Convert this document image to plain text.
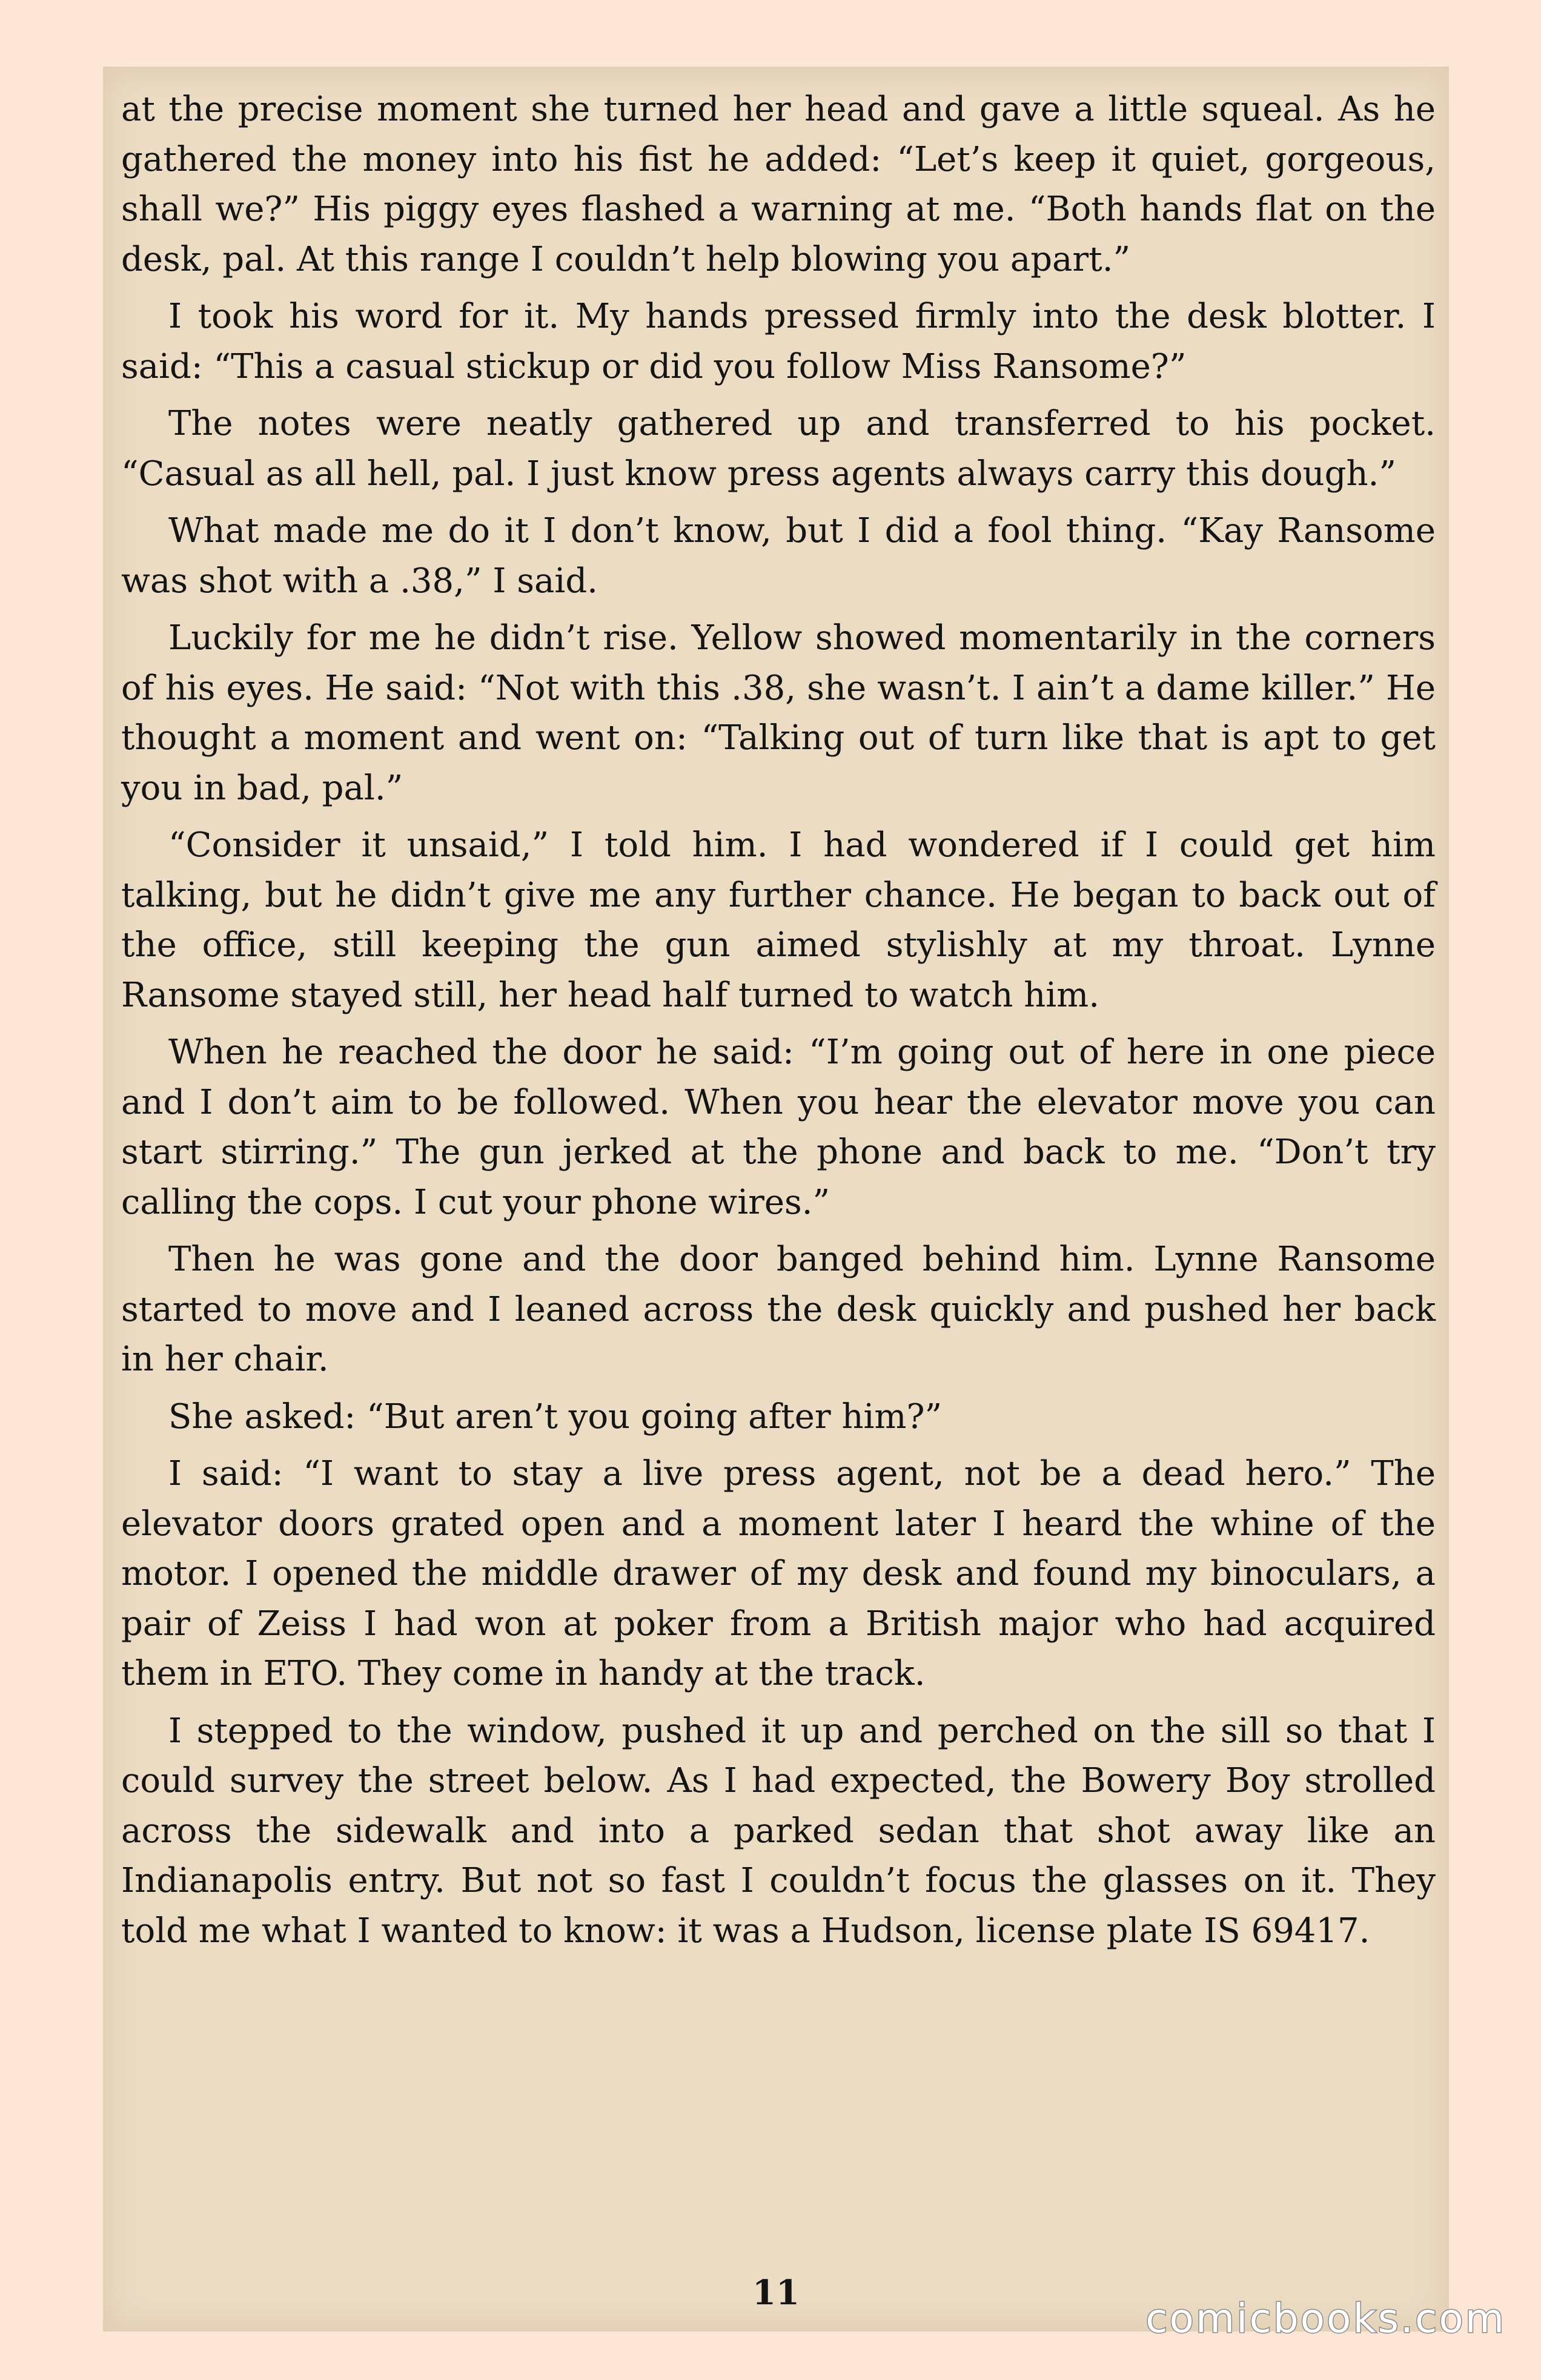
at the precise moment she turned her head and gave a little squeal. As he gathered the money into his fist he added: “Let’s keep it quiet, gorgeous, shall we?” His piggy eyes flashed a warning at me. “Both hands flat on the desk, pal. At this range I couldn’t help blowing you apart.”

I took his word for it. My hands pressed firmly into the desk blotter. I said: “This a casual stickup or did you follow Miss Ransome?”

The notes were neatly gathered up and transferred to his pocket. “Casual as all hell, pal. I just know press agents always carry this dough.”

What made me do it I don’t know, but I did a fool thing. “Kay Ransome was shot with a .38,” I said.

Luckily for me he didn’t rise. Yellow showed momentarily in the corners of his eyes. He said: “Not with this .38, she wasn’t. I ain’t a dame killer.” He thought a moment and went on: “Talking out of turn like that is apt to get you in bad, pal.”

“Consider it unsaid,” I told him. I had wondered if I could get him talking, but he didn’t give me any further chance. He began to back out of the office, still keeping the gun aimed stylishly at my throat. Lynne Ransome stayed still, her head half turned to watch him.

When he reached the door he said: “I’m going out of here in one piece and I don’t aim to be followed. When you hear the elevator move you can start stirring.” The gun jerked at the phone and back to me. “Don’t try calling the cops. I cut your phone wires.”

Then he was gone and the door banged behind him. Lynne Ransome started to move and I leaned across the desk quickly and pushed her back in her chair.

She asked: “But aren’t you going after him?”

I said: “I want to stay a live press agent, not be a dead hero.” The elevator doors grated open and a moment later I heard the whine of the motor. I opened the middle drawer of my desk and found my binoculars, a pair of Zeiss I had won at poker from a British major who had acquired them in ETO. They come in handy at the track.

I stepped to the window, pushed it up and perched on the sill so that I could survey the street below. As I had expected, the Bowery Boy strolled across the sidewalk and into a parked sedan that shot away like an Indianapolis entry. But not so fast I couldn’t focus the glasses on it. They told me what I wanted to know: it was a Hudson, license plate IS 69417.

11
comicbooks.com
